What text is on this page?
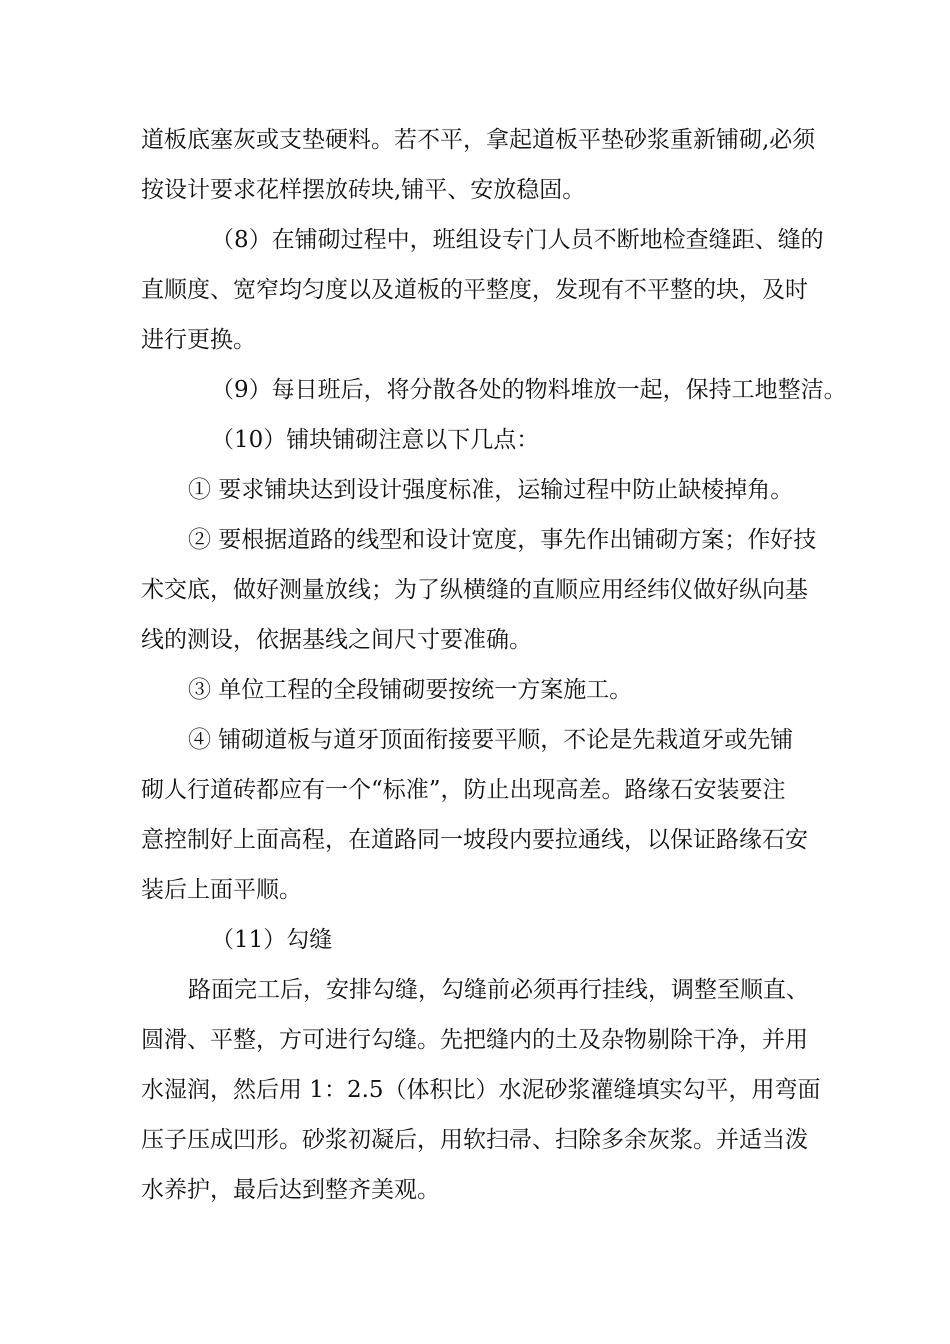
道板底塞灰或支垫硬料。若不平，拿起道板平垫砂浆重新铺砌,必须
按设计要求花样摆放砖块,铺平、安放稳固。
（8）在铺砌过程中，班组设专门人员不断地检查缝距、缝的
直顺度、宽窄均匀度以及道板的平整度，发现有不平整的块，及时
进行更换。
（9）每日班后，将分散各处的物料堆放一起，保持工地整洁。
（10）铺块铺砌注意以下几点：
① 要求铺块达到设计强度标准，运输过程中防止缺棱掉角。
② 要根据道路的线型和设计宽度，事先作出铺砌方案；作好技
术交底，做好测量放线；为了纵横缝的直顺应用经纬仪做好纵向基
线的测设，依据基线之间尺寸要准确。
③ 单位工程的全段铺砌要按统一方案施工。
④ 铺砌道板与道牙顶面衔接要平顺，不论是先栽道牙或先铺
砌人行道砖都应有一个“标准”，防止出现高差。路缘石安装要注
意控制好上面高程，在道路同一坡段内要拉通线，以保证路缘石安
装后上面平顺。
（11）勾缝
路面完工后，安排勾缝，勾缝前必须再行挂线，调整至顺直、
圆滑、平整，方可进行勾缝。先把缝内的土及杂物剔除干净，并用
水湿润，然后用 1：2.5（体积比）水泥砂浆灌缝填实勾平，用弯面
压子压成凹形。砂浆初凝后，用软扫帚、扫除多余灰浆。并适当泼
水养护，最后达到整齐美观。
